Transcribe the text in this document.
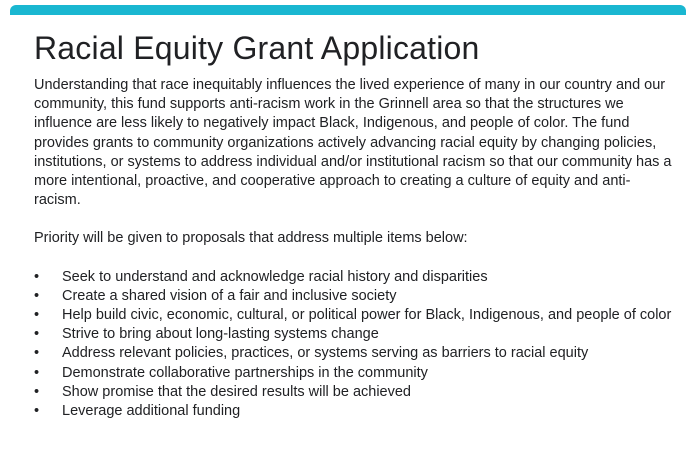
Racial Equity Grant Application

Understanding that race inequitably influences the lived experience of many in our country and our community, this fund supports anti-racism work in the Grinnell area so that the structures we influence are less likely to negatively impact Black, Indigenous, and people of color. The fund provides grants to community organizations actively advancing racial equity by changing policies, institutions, or systems to address individual and/or institutional racism so that our community has a more intentional, proactive, and cooperative approach to creating a culture of equity and anti-racism.

Priority will be given to proposals that address multiple items below:

• Seek to understand and acknowledge racial history and disparities
• Create a shared vision of a fair and inclusive society
• Help build civic, economic, cultural, or political power for Black, Indigenous, and people of color
• Strive to bring about long-lasting systems change
• Address relevant policies, practices, or systems serving as barriers to racial equity
• Demonstrate collaborative partnerships in the community
• Show promise that the desired results will be achieved
• Leverage additional funding
